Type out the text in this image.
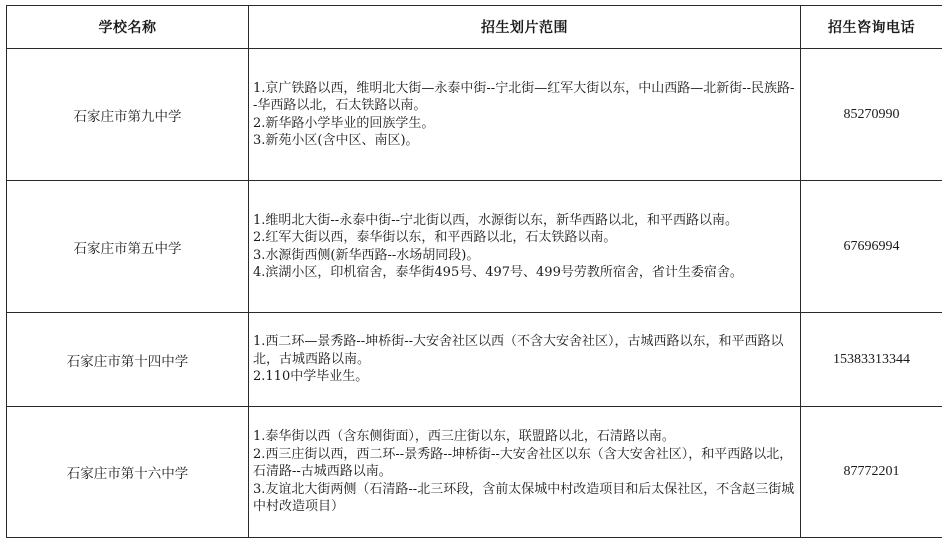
学校名称	招生划片范围	招生咨询电话
石家庄市第九中学	1.京广铁路以西，维明北大街—永泰中街--宁北街—红军大街以东，中山西路—北新街--民族路--华西路以北，石太铁路以南。
2.新华路小学毕业的回族学生。
3.新苑小区(含中区、南区)。	85270990
石家庄市第五中学	1.维明北大街--永泰中街--宁北街以西，水源街以东，新华西路以北，和平西路以南。
2.红军大街以西，泰华街以东，和平西路以北，石太铁路以南。
3.水源街西侧(新华西路--水场胡同段)。
4.滨湖小区，印机宿舍，泰华街495号、497号、499号劳教所宿舍，省计生委宿舍。	67696994
石家庄市第十四中学	1.西二环—景秀路--坤桥街--大安舍社区以西（不含大安舍社区），古城西路以东，和平西路以北，古城西路以南。
2.110中学毕业生。	15383313344
石家庄市第十六中学	1.泰华街以西（含东侧街面），西三庄街以东，联盟路以北，石清路以南。
2.西三庄街以西，西二环--景秀路--坤桥街--大安舍社区以东（含大安舍社区），和平西路以北，石清路--古城西路以南。
3.友谊北大街两侧（石清路--北三环段，含前太保城中村改造项目和后太保社区，不含赵三街城中村改造项目）	87772201
